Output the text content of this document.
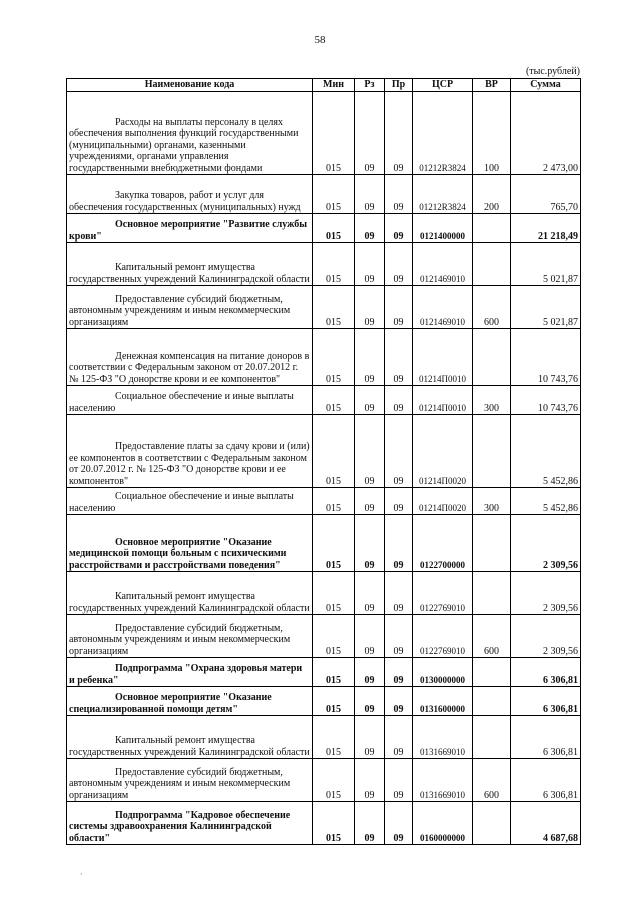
58
(тыс.рублей)
Наименование кода	Мин	Рз	Пр	ЦСР	ВР	Сумма
Расходы на выплаты персоналу в целях обеспечения выполнения функций государственными (муниципальными) органами, казенными учреждениями, органами управления государственными внебюджетными фондами	015	09	09	01212R3824	100	2 473,00
Закупка товаров, работ и услуг для обеспечения государственных (муниципальных) нужд	015	09	09	01212R3824	200	765,70
Основное мероприятие "Развитие службы крови"	015	09	09	0121400000		21 218,49
Капитальный ремонт имущества государственных учреждений Калининградской области	015	09	09	0121469010		5 021,87
Предоставление субсидий бюджетным, автономным учреждениям и иным некоммерческим организациям	015	09	09	0121469010	600	5 021,87
Денежная компенсация на питание доноров в соответствии с Федеральным законом от 20.07.2012 г. № 125-ФЗ "О донорстве крови и ее компонентов"	015	09	09	01214П0010		10 743,76
Социальное обеспечение и иные выплаты населению	015	09	09	01214П0010	300	10 743,76
Предоставление платы за сдачу крови и (или) ее компонентов в соответствии с Федеральным законом от 20.07.2012 г. № 125-ФЗ "О донорстве крови и ее компонентов"	015	09	09	01214П0020		5 452,86
Социальное обеспечение и иные выплаты населению	015	09	09	01214П0020	300	5 452,86
Основное мероприятие "Оказание медицинской помощи больным с психическими расстройствами и расстройствами поведения"	015	09	09	0122700000		2 309,56
Капитальный ремонт имущества государственных учреждений Калининградской области	015	09	09	0122769010		2 309,56
Предоставление субсидий бюджетным, автономным учреждениям и иным некоммерческим организациям	015	09	09	0122769010	600	2 309,56
Подпрограмма "Охрана здоровья матери и ребенка"	015	09	09	0130000000		6 306,81
Основное мероприятие "Оказание специализированной помощи детям"	015	09	09	0131600000		6 306,81
Капитальный ремонт имущества государственных учреждений Калининградской области	015	09	09	0131669010		6 306,81
Предоставление субсидий бюджетным, автономным учреждениям и иным некоммерческим организациям	015	09	09	0131669010	600	6 306,81
Подпрограмма "Кадровое обеспечение системы здравоохранения Калининградской области"	015	09	09	0160000000		4 687,68
·
